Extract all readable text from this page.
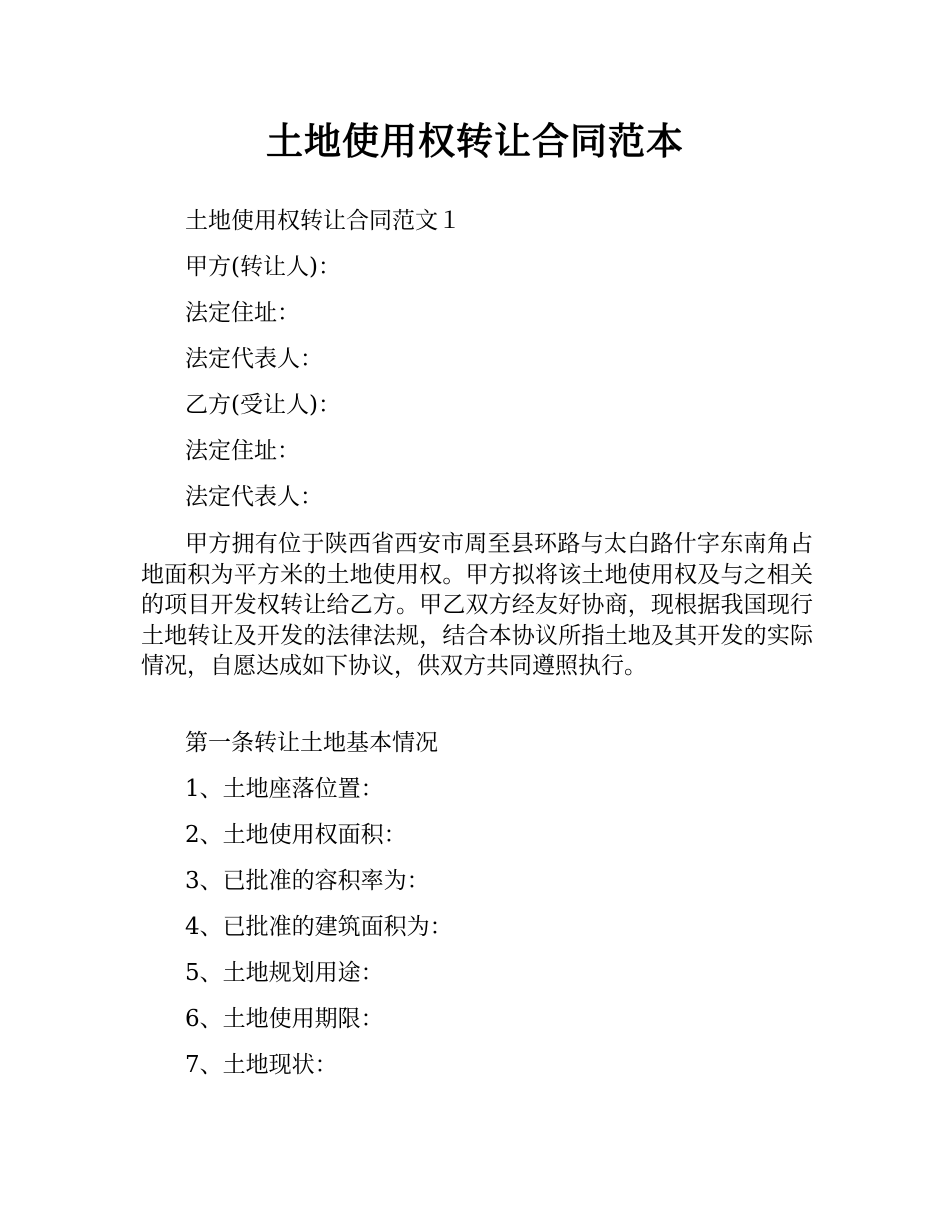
土地使用权转让合同范本
土地使用权转让合同范文１
甲方(转让人)：
法定住址：
法定代表人：
乙方(受让人)：
法定住址：
法定代表人：
甲方拥有位于陕西省西安市周至县环路与太白路什字东南角占地面积为平方米的土地使用权。甲方拟将该土地使用权及与之相关的项目开发权转让给乙方。甲乙双方经友好协商，现根据我国现行土地转让及开发的法律法规，结合本协议所指土地及其开发的实际情况，自愿达成如下协议，供双方共同遵照执行。
第一条转让土地基本情况
1、土地座落位置：
2、土地使用权面积：
3、已批准的容积率为：
4、已批准的建筑面积为：
5、土地规划用途：
6、土地使用期限：
7、土地现状：
